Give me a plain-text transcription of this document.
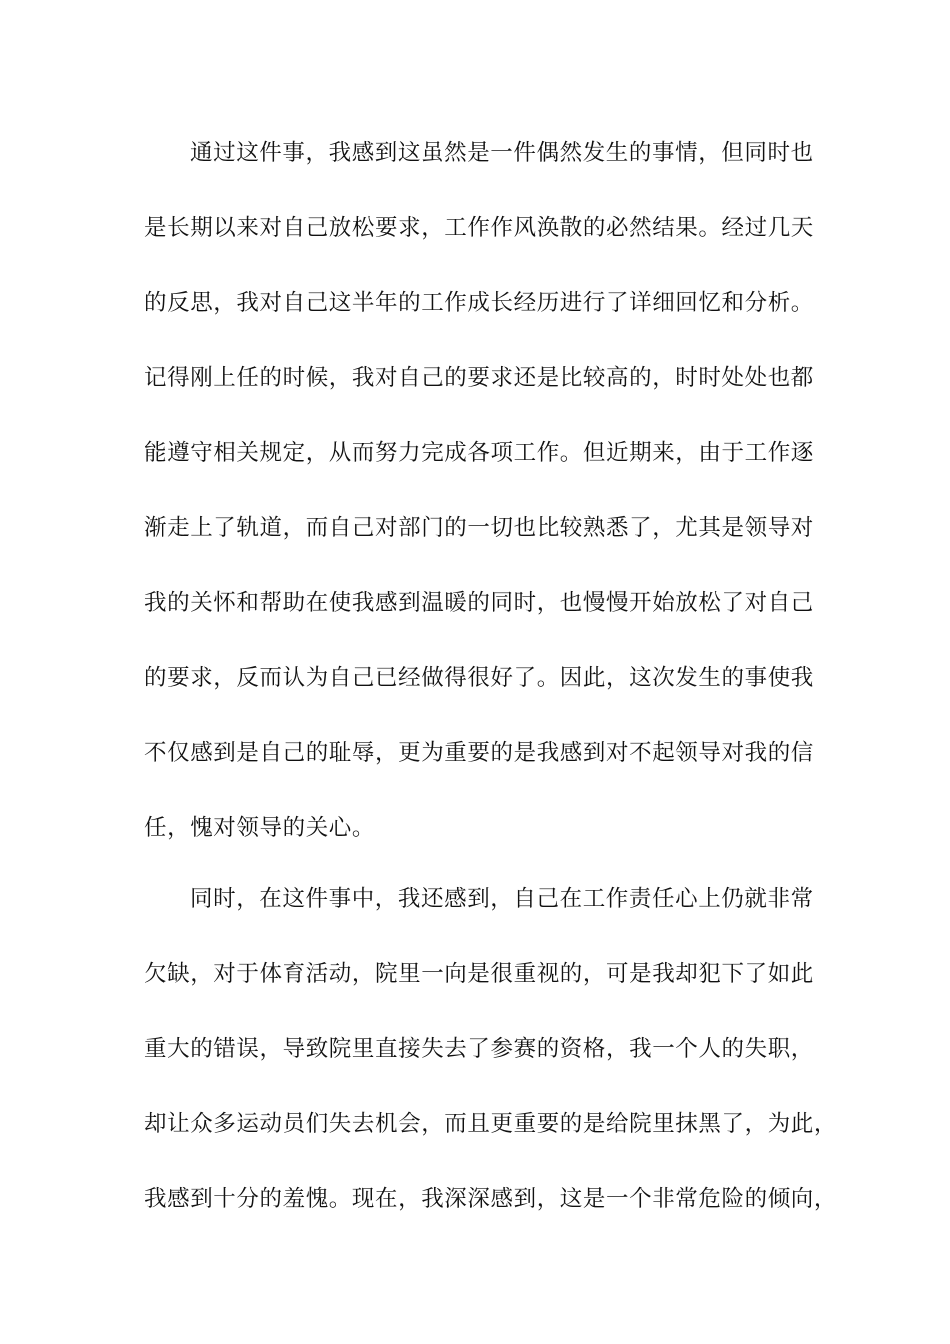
通过这件事，我感到这虽然是一件偶然发生的事情，但同时也
是长期以来对自己放松要求，工作作风涣散的必然结果。经过几天
的反思，我对自己这半年的工作成长经历进行了详细回忆和分析。
记得刚上任的时候，我对自己的要求还是比较高的，时时处处也都
能遵守相关规定，从而努力完成各项工作。但近期来，由于工作逐
渐走上了轨道，而自己对部门的一切也比较熟悉了，尤其是领导对
我的关怀和帮助在使我感到温暖的同时，也慢慢开始放松了对自己
的要求，反而认为自己已经做得很好了。因此，这次发生的事使我
不仅感到是自己的耻辱，更为重要的是我感到对不起领导对我的信
任，愧对领导的关心。
同时，在这件事中，我还感到，自己在工作责任心上仍就非常
欠缺，对于体育活动，院里一向是很重视的，可是我却犯下了如此
重大的错误，导致院里直接失去了参赛的资格，我一个人的失职，
却让众多运动员们失去机会，而且更重要的是给院里抹黑了，为此，
我感到十分的羞愧。现在，我深深感到，这是一个非常危险的倾向，
